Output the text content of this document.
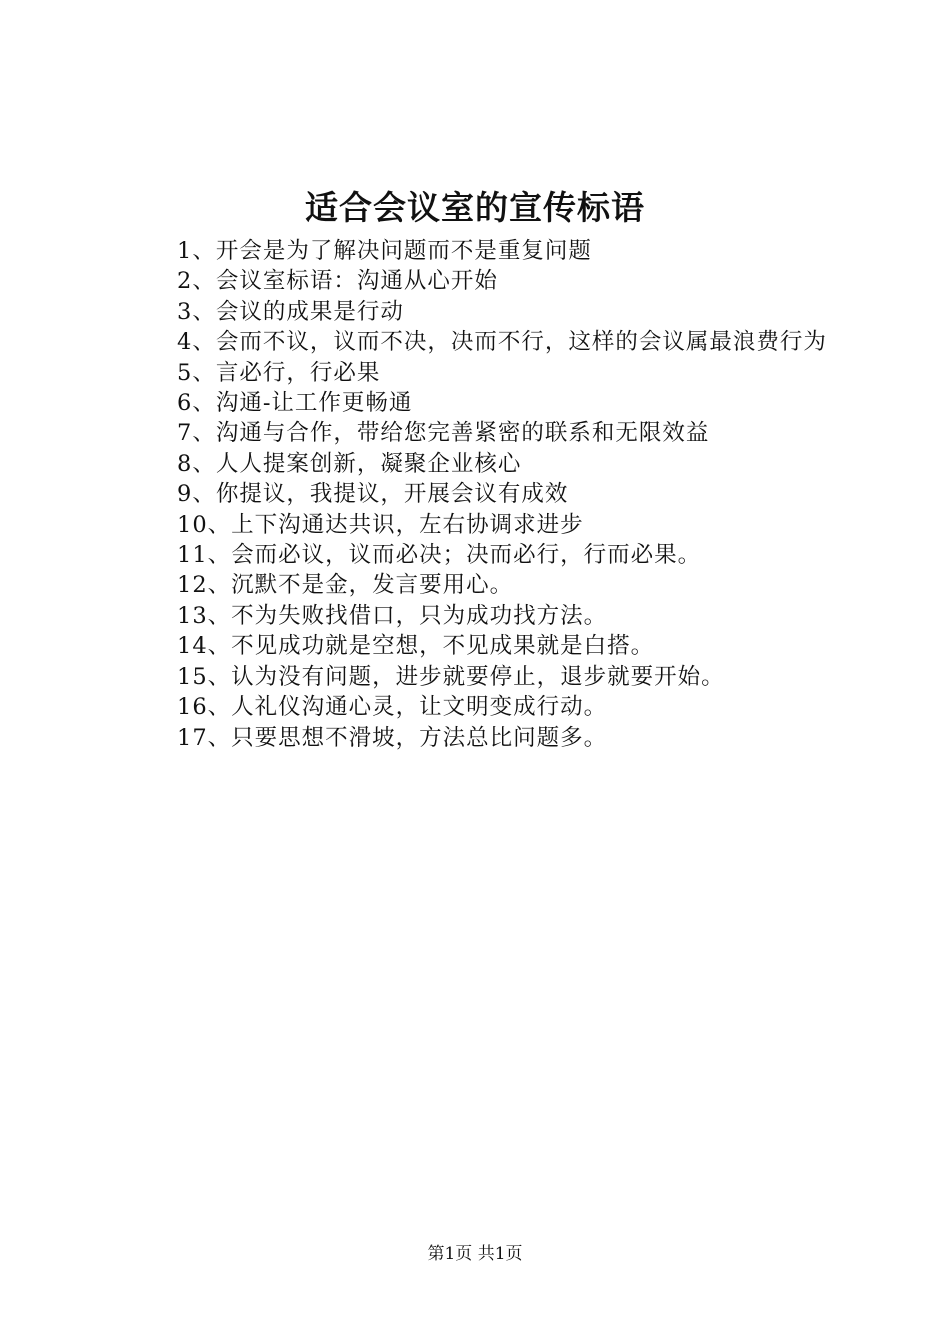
适合会议室的宣传标语

1、开会是为了解决问题而不是重复问题

2、会议室标语：沟通从心开始

3、会议的成果是行动

4、会而不议，议而不决，决而不行，这样的会议属最浪费行为

5、言必行，行必果

6、沟通-让工作更畅通

7、沟通与合作，带给您完善紧密的联系和无限效益

8、人人提案创新，凝聚企业核心

9、你提议，我提议，开展会议有成效

10、上下沟通达共识，左右协调求进步

11、会而必议，议而必决；决而必行，行而必果。

12、沉默不是金，发言要用心。

13、不为失败找借口，只为成功找方法。

14、不见成功就是空想，不见成果就是白搭。

15、认为没有问题，进步就要停止，退步就要开始。

16、人礼仪沟通心灵，让文明变成行动。

17、只要思想不滑坡，方法总比问题多。

第1页 共1页
